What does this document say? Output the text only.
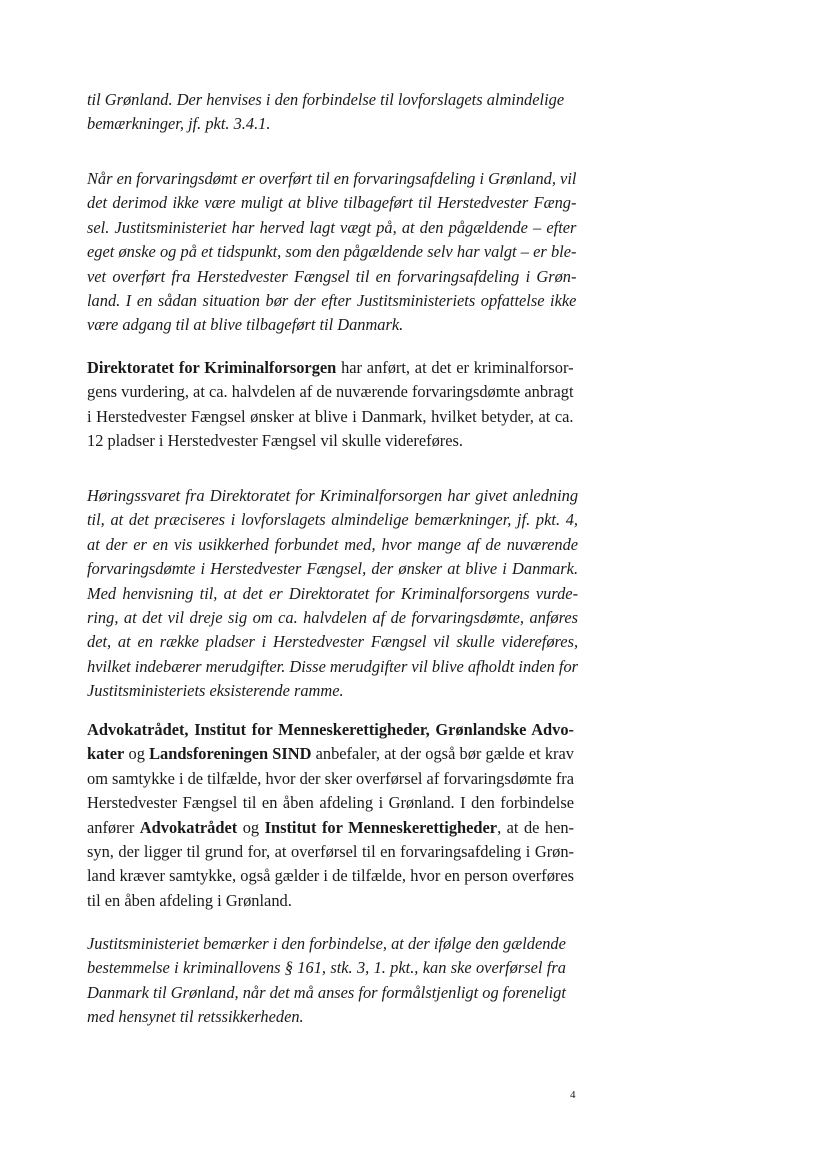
til Grønland. Der henvises i den forbindelse til lovforslagets almindelige
bemærkninger, jf. pkt. 3.4.1.

Når en forvaringsdømt er overført til en forvaringsafdeling i Grønland, vil
det derimod ikke være muligt at blive tilbageført til Herstedvester Fæng-
sel. Justitsministeriet har herved lagt vægt på, at den pågældende – efter
eget ønske og på et tidspunkt, som den pågældende selv har valgt – er ble-
vet overført fra Herstedvester Fængsel til en forvaringsafdeling i Grøn-
land. I en sådan situation bør der efter Justitsministeriets opfattelse ikke
være adgang til at blive tilbageført til Danmark.

Direktoratet for Kriminalforsorgen har anført, at det er kriminalforsor-
gens vurdering, at ca. halvdelen af de nuværende forvaringsdømte anbragt
i Herstedvester Fængsel ønsker at blive i Danmark, hvilket betyder, at ca.
12 pladser i Herstedvester Fængsel vil skulle videreføres.

Høringssvaret fra Direktoratet for Kriminalforsorgen har givet anledning
til, at det præciseres i lovforslagets almindelige bemærkninger, jf. pkt. 4,
at der er en vis usikkerhed forbundet med, hvor mange af de nuværende
forvaringsdømte i Herstedvester Fængsel, der ønsker at blive i Danmark.
Med henvisning til, at det er Direktoratet for Kriminalforsorgens vurde-
ring, at det vil dreje sig om ca. halvdelen af de forvaringsdømte, anføres
det, at en række pladser i Herstedvester Fængsel vil skulle videreføres,
hvilket indebærer merudgifter. Disse merudgifter vil blive afholdt inden for
Justitsministeriets eksisterende ramme.

Advokatrådet, Institut for Menneskerettigheder, Grønlandske Advo-
kater og Landsforeningen SIND anbefaler, at der også bør gælde et krav
om samtykke i de tilfælde, hvor der sker overførsel af forvaringsdømte fra
Herstedvester Fængsel til en åben afdeling i Grønland. I den forbindelse
anfører Advokatrådet og Institut for Menneskerettigheder, at de hen-
syn, der ligger til grund for, at overførsel til en forvaringsafdeling i Grøn-
land kræver samtykke, også gælder i de tilfælde, hvor en person overføres
til en åben afdeling i Grønland.

Justitsministeriet bemærker i den forbindelse, at der ifølge den gældende
bestemmelse i kriminallovens § 161, stk. 3, 1. pkt., kan ske overførsel fra
Danmark til Grønland, når det må anses for formålstjenligt og foreneligt
med hensynet til retssikkerheden.

4
